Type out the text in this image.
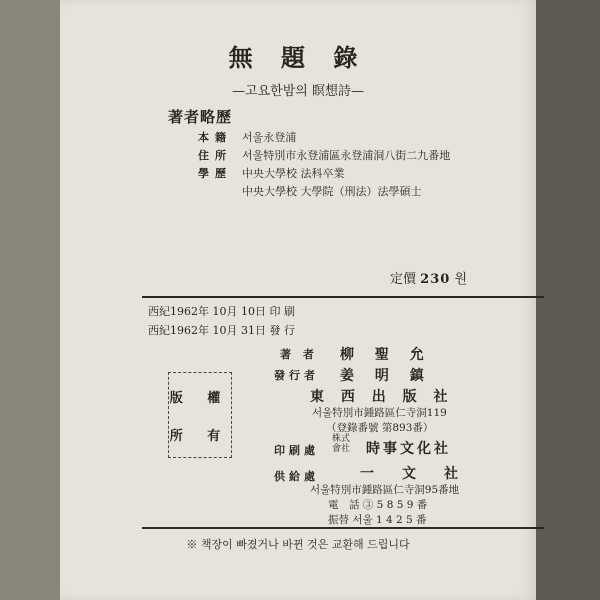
無 題 錄
—고요한밤의 瞑想詩—
著者略歷
本籍 서울永登浦
住所 서울特別市永登浦區永登浦洞八街二九番地
學歷 中央大學校 法科卒業
中央大學校 大學院（刑法）法學碩士
定價 230 원
西紀1962年 10月 10日 印 刷
西紀1962年 10月 31日 發 行
版 權
所 有
著 者 柳 聖 允
發行者 姜 明 鎮
東 西 出 版 社
서울特別市鍾路區仁寺洞119
（登錄番號 第893番）
印刷處
株式
會社 時事文化社
供給處	一　　文　　社
서울特別市鍾路區仁寺洞95番地
電　話 ③ 5 8 5 9 番
振替 서울 1 4 2 5 番
※ 책장이 빠졌거나 바뀐 것은 교환해 드립니다
